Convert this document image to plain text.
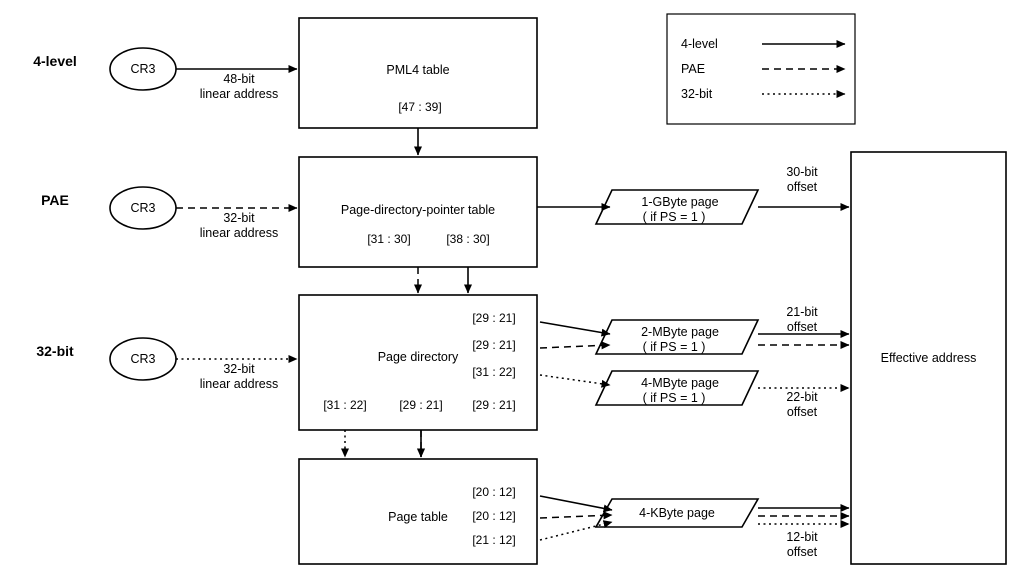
4-level
PAE
32-bit
CR3
CR3
CR3
48-bit
linear address
32-bit
linear address
32-bit
linear address
PML4 table
Page-directory-pointer table
Page directory
Page table
[47 : 39]
[31 : 30]	[38 : 30]
[29 : 21]
[29 : 21]
[31 : 22]
[31 : 22]	[29 : 21]	[29 : 21]
[20 : 12]
[20 : 12]
[21 : 12]
1-GByte page
( if PS = 1 )
2-MByte page
( if PS = 1 )
4-MByte page
( if PS = 1 )
4-KByte page
30-bit
offset
21-bit
offset
22-bit
offset
12-bit
offset
Effective address
4-level
PAE
32-bit
